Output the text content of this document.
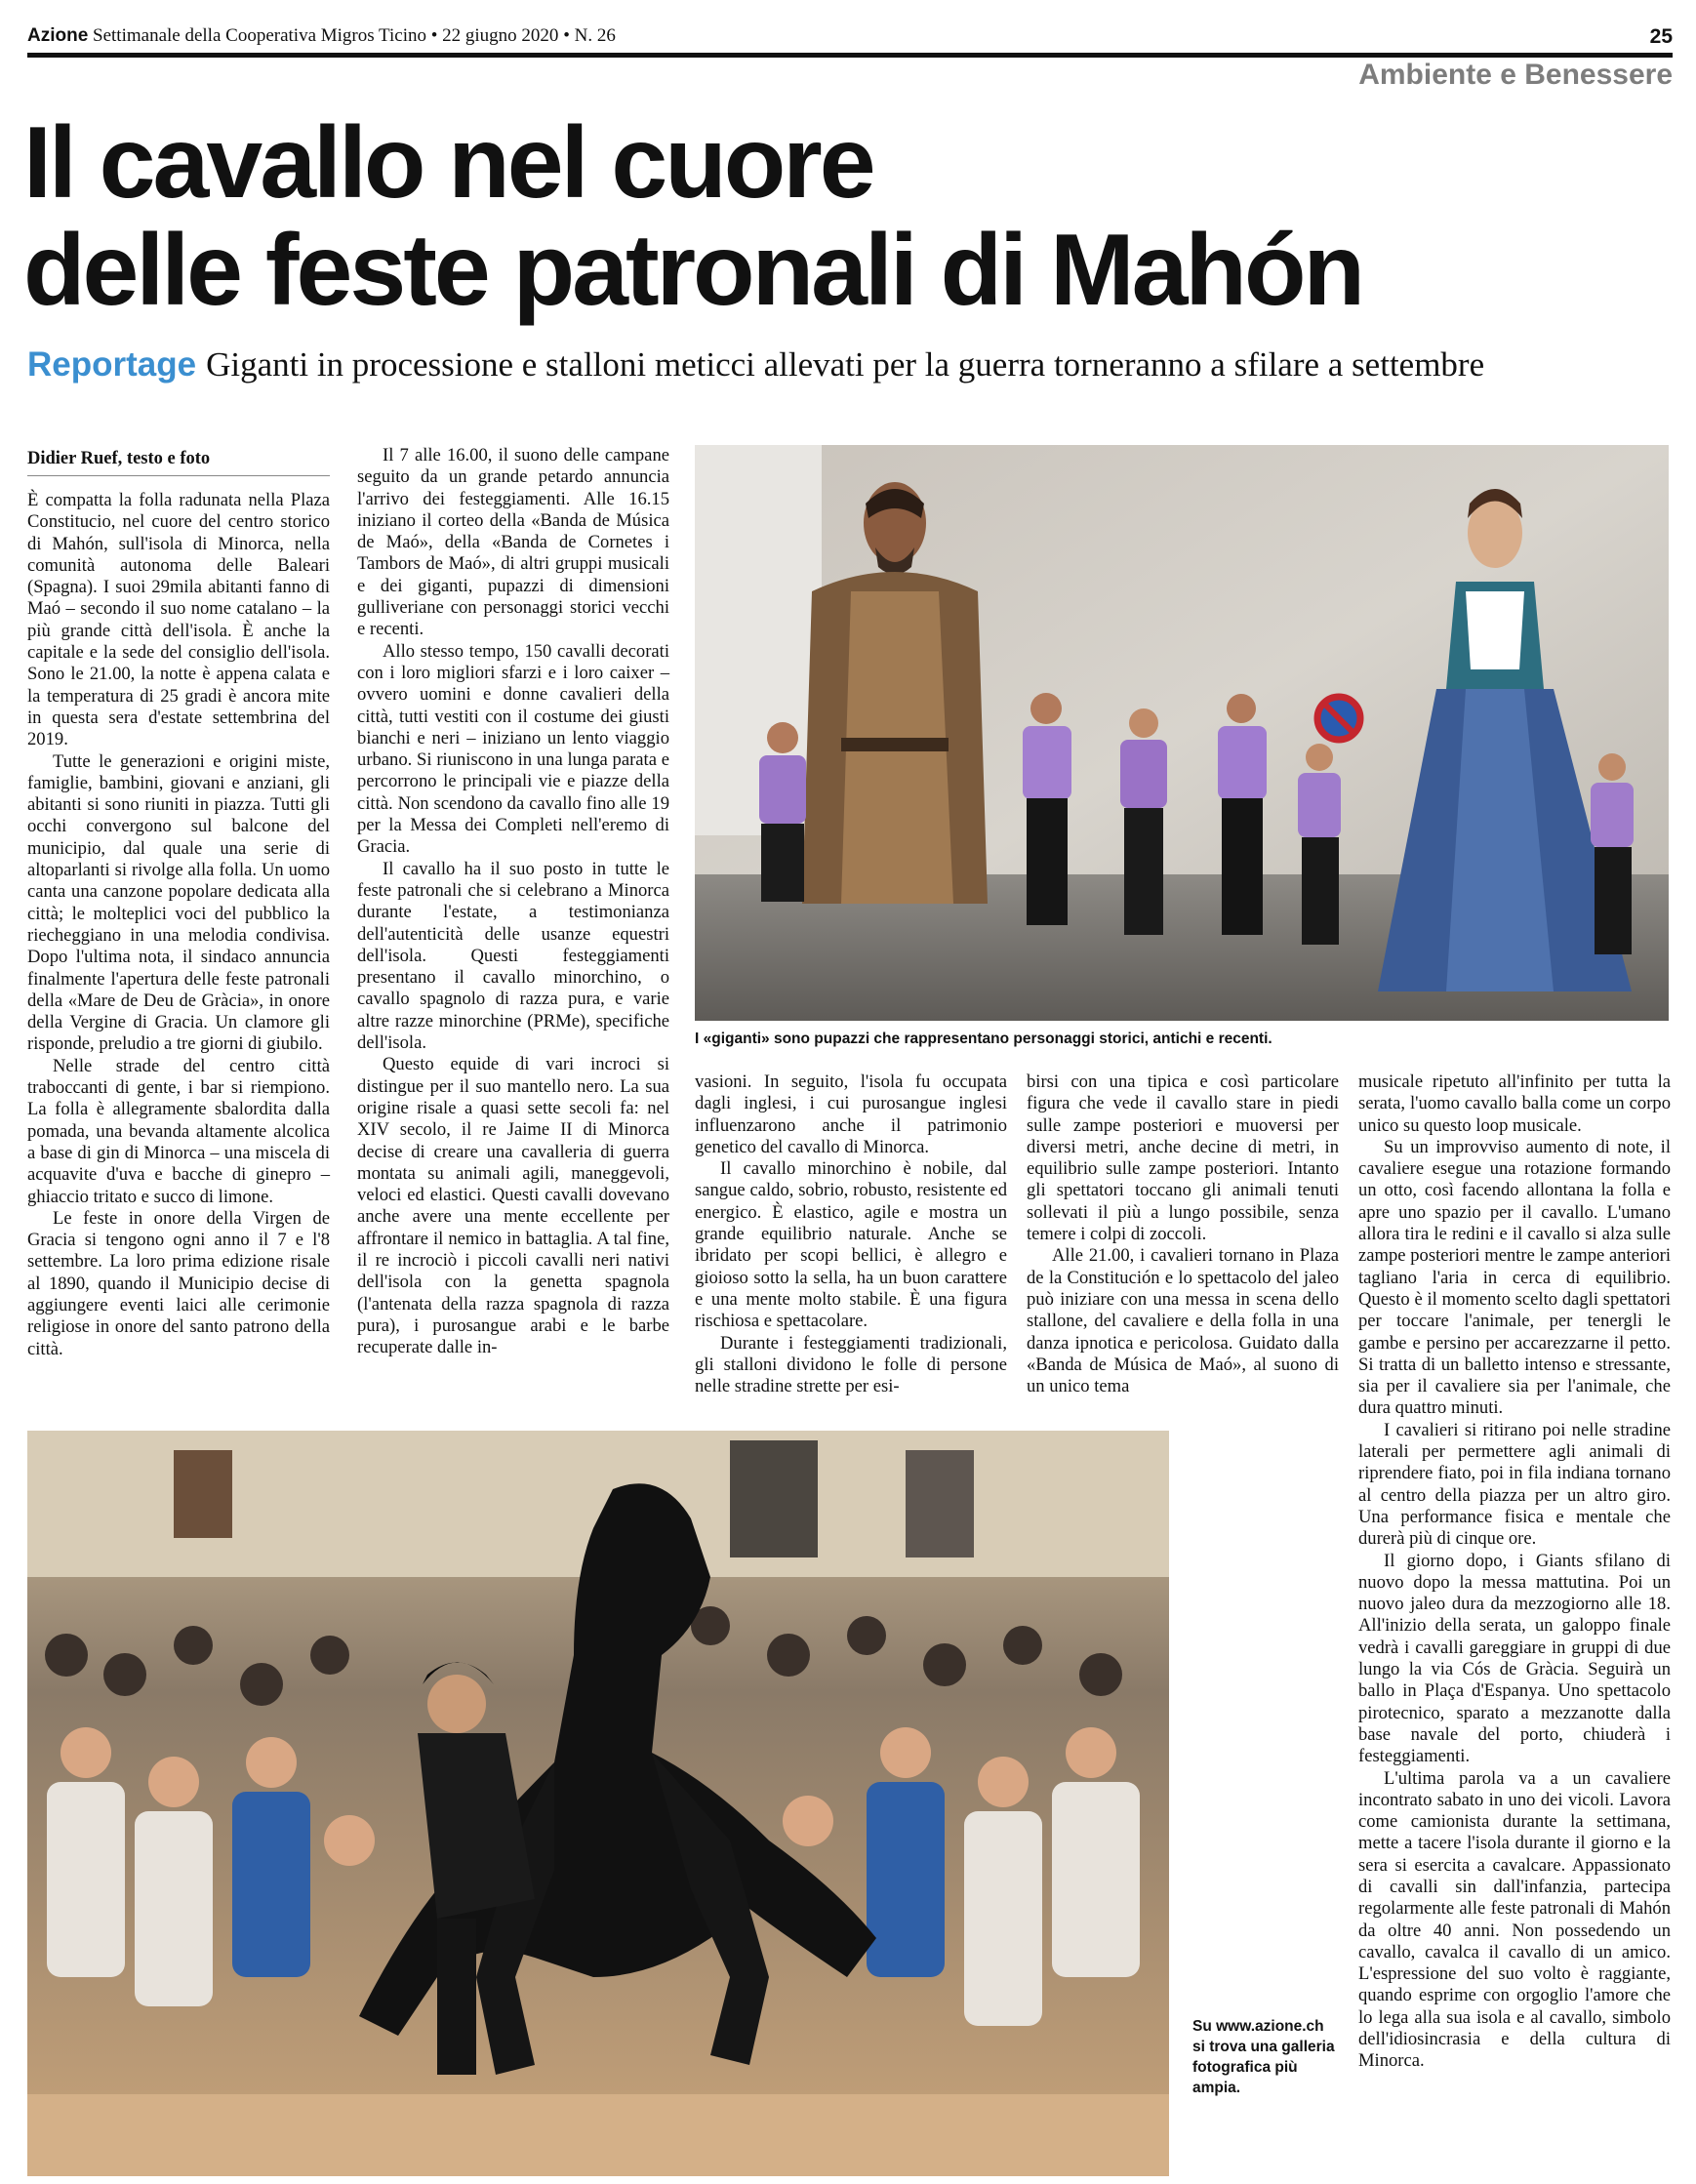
Azione Settimanale della Cooperativa Migros Ticino • 22 giugno 2020 • N. 26	25
Ambiente e Benessere
Il cavallo nel cuore
delle feste patronali di Mahón
Reportage Giganti in processione e stalloni meticci allevati per la guerra torneranno a sfilare a settembre
Didier Ruef, testo e foto

È compatta la folla radunata nella Plaza Constitucio, nel cuore del centro storico di Mahón, sull'isola di Minorca, nella comunità autonoma delle Baleari (Spagna). I suoi 29mila abitanti fanno di Maó – secondo il suo nome catalano – la più grande città dell'isola. È anche la capitale e la sede del consiglio dell'isola. Sono le 21.00, la notte è appena calata e la temperatura di 25 gradi è ancora mite in questa sera d'estate settembrina del 2019.

Tutte le generazioni e origini miste, famiglie, bambini, giovani e anziani, gli abitanti si sono riuniti in piazza. Tutti gli occhi convergono sul balcone del municipio, dal quale una serie di altoparlanti si rivolge alla folla. Un uomo canta una canzone popolare dedicata alla città; le molteplici voci del pubblico la riecheggiano in una melodia condivisa. Dopo l'ultima nota, il sindaco annuncia finalmente l'apertura delle feste patronali della «Mare de Deu de Gràcia», in onore della Vergine di Gracia. Un clamore gli risponde, preludio a tre giorni di giubilo.

Nelle strade del centro città traboccanti di gente, i bar si riempiono. La folla è allegramente sbalordita dalla pomada, una bevanda altamente alcolica a base di gin di Minorca – una miscela di acquavite d'uva e bacche di ginepro – ghiaccio tritato e succo di limone.

Le feste in onore della Virgen de Gracia si tengono ogni anno il 7 e l'8 settembre. La loro prima edizione risale al 1890, quando il Municipio decise di aggiungere eventi laici alle cerimonie religiose in onore del santo patrono della città.

Il 7 alle 16.00, il suono delle campane seguito da un grande petardo annuncia l'arrivo dei festeggiamenti. Alle 16.15 iniziano il corteo della «Banda de Música de Maó», della «Banda de Cornetes i Tambors de Maó», di altri gruppi musicali e dei giganti, pupazzi di dimensioni gulliveriane con personaggi storici vecchi e recenti.

Allo stesso tempo, 150 cavalli decorati con i loro migliori sfarzi e i loro caixer – ovvero uomini e donne cavalieri della città, tutti vestiti con il costume dei giusti bianchi e neri – iniziano un lento viaggio urbano. Si riuniscono in una lunga parata e percorrono le principali vie e piazze della città. Non scendono da cavallo fino alle 19 per la Messa dei Completi nell'eremo di Gracia.

Il cavallo ha il suo posto in tutte le feste patronali che si celebrano a Minorca durante l'estate, a testimonianza dell'autenticità delle usanze equestri dell'isola. Questi festeggiamenti presentano il cavallo minorchino, o cavallo spagnolo di razza pura, e varie altre razze minorchine (PRMe), specifiche dell'isola.

Questo equide di vari incroci si distingue per il suo mantello nero. La sua origine risale a quasi sette secoli fa: nel XIV secolo, il re Jaime II di Minorca decise di creare una cavalleria di guerra montata su animali agili, maneggevoli, veloci ed elastici. Questi cavalli dovevano anche avere una mente eccellente per affrontare il nemico in battaglia. A tal fine, il re incrociò i piccoli cavalli neri nativi dell'isola con la genetta spagnola (l'antenata della razza spagnola di razza pura), i purosangue arabi e le barbe recuperate dalle in-

I «giganti» sono pupazzi che rappresentano personaggi storici, antichi e recenti.

vasioni. In seguito, l'isola fu occupata dagli inglesi, i cui purosangue inglesi influenzarono anche il patrimonio genetico del cavallo di Minorca.

Il cavallo minorchino è nobile, dal sangue caldo, sobrio, robusto, resistente ed energico. È elastico, agile e mostra un grande equilibrio naturale. Anche se ibridato per scopi bellici, è allegro e gioioso sotto la sella, ha un buon carattere e una mente molto stabile. È una figura rischiosa e spettacolare.

Durante i festeggiamenti tradizionali, gli stalloni dividono le folle di persone nelle stradine strette per esi-

birsi con una tipica e così particolare figura che vede il cavallo stare in piedi sulle zampe posteriori e muoversi per diversi metri, anche decine di metri, in equilibrio sulle zampe posteriori. Intanto gli spettatori toccano gli animali tenuti sollevati il più a lungo possibile, senza temere i colpi di zoccoli.

Alle 21.00, i cavalieri tornano in Plaza de la Constitución e lo spettacolo del jaleo può iniziare con una messa in scena dello stallone, del cavaliere e della folla in una danza ipnotica e pericolosa. Guidato dalla «Banda de Música de Maó», al suono di un unico tema

musicale ripetuto all'infinito per tutta la serata, l'uomo cavallo balla come un corpo unico su questo loop musicale.

Su un improvviso aumento di note, il cavaliere esegue una rotazione formando un otto, così facendo allontana la folla e apre uno spazio per il cavallo. L'umano allora tira le redini e il cavallo si alza sulle zampe posteriori mentre le zampe anteriori tagliano l'aria in cerca di equilibrio. Questo è il momento scelto dagli spettatori per toccare l'animale, per tenergli le gambe e persino per accarezzarne il petto. Si tratta di un balletto intenso e stressante, sia per il cavaliere sia per l'animale, che dura quattro minuti.

I cavalieri si ritirano poi nelle stradine laterali per permettere agli animali di riprendere fiato, poi in fila indiana tornano al centro della piazza per un altro giro. Una performance fisica e mentale che durerà più di cinque ore.

Il giorno dopo, i Giants sfilano di nuovo dopo la messa mattutina. Poi un nuovo jaleo dura da mezzogiorno alle 18. All'inizio della serata, un galoppo finale vedrà i cavalli gareggiare in gruppi di due lungo la via Cós de Gràcia. Seguirà un ballo in Plaça d'Espanya. Uno spettacolo pirotecnico, sparato a mezzanotte dalla base navale del porto, chiuderà i festeggiamenti.

L'ultima parola va a un cavaliere incontrato sabato in uno dei vicoli. Lavora come camionista durante la settimana, mette a tacere l'isola durante il giorno e la sera si esercita a cavalcare. Appassionato di cavalli sin dall'infanzia, partecipa regolarmente alle feste patronali di Mahón da oltre 40 anni. Non possedendo un cavallo, cavalca il cavallo di un amico. L'espressione del suo volto è raggiante, quando esprime con orgoglio l'amore che lo lega alla sua isola e al cavallo, simbolo dell'idiosincrasia e della cultura di Minorca.

Su www.azione.ch si trova una galleria fotografica più ampia.
